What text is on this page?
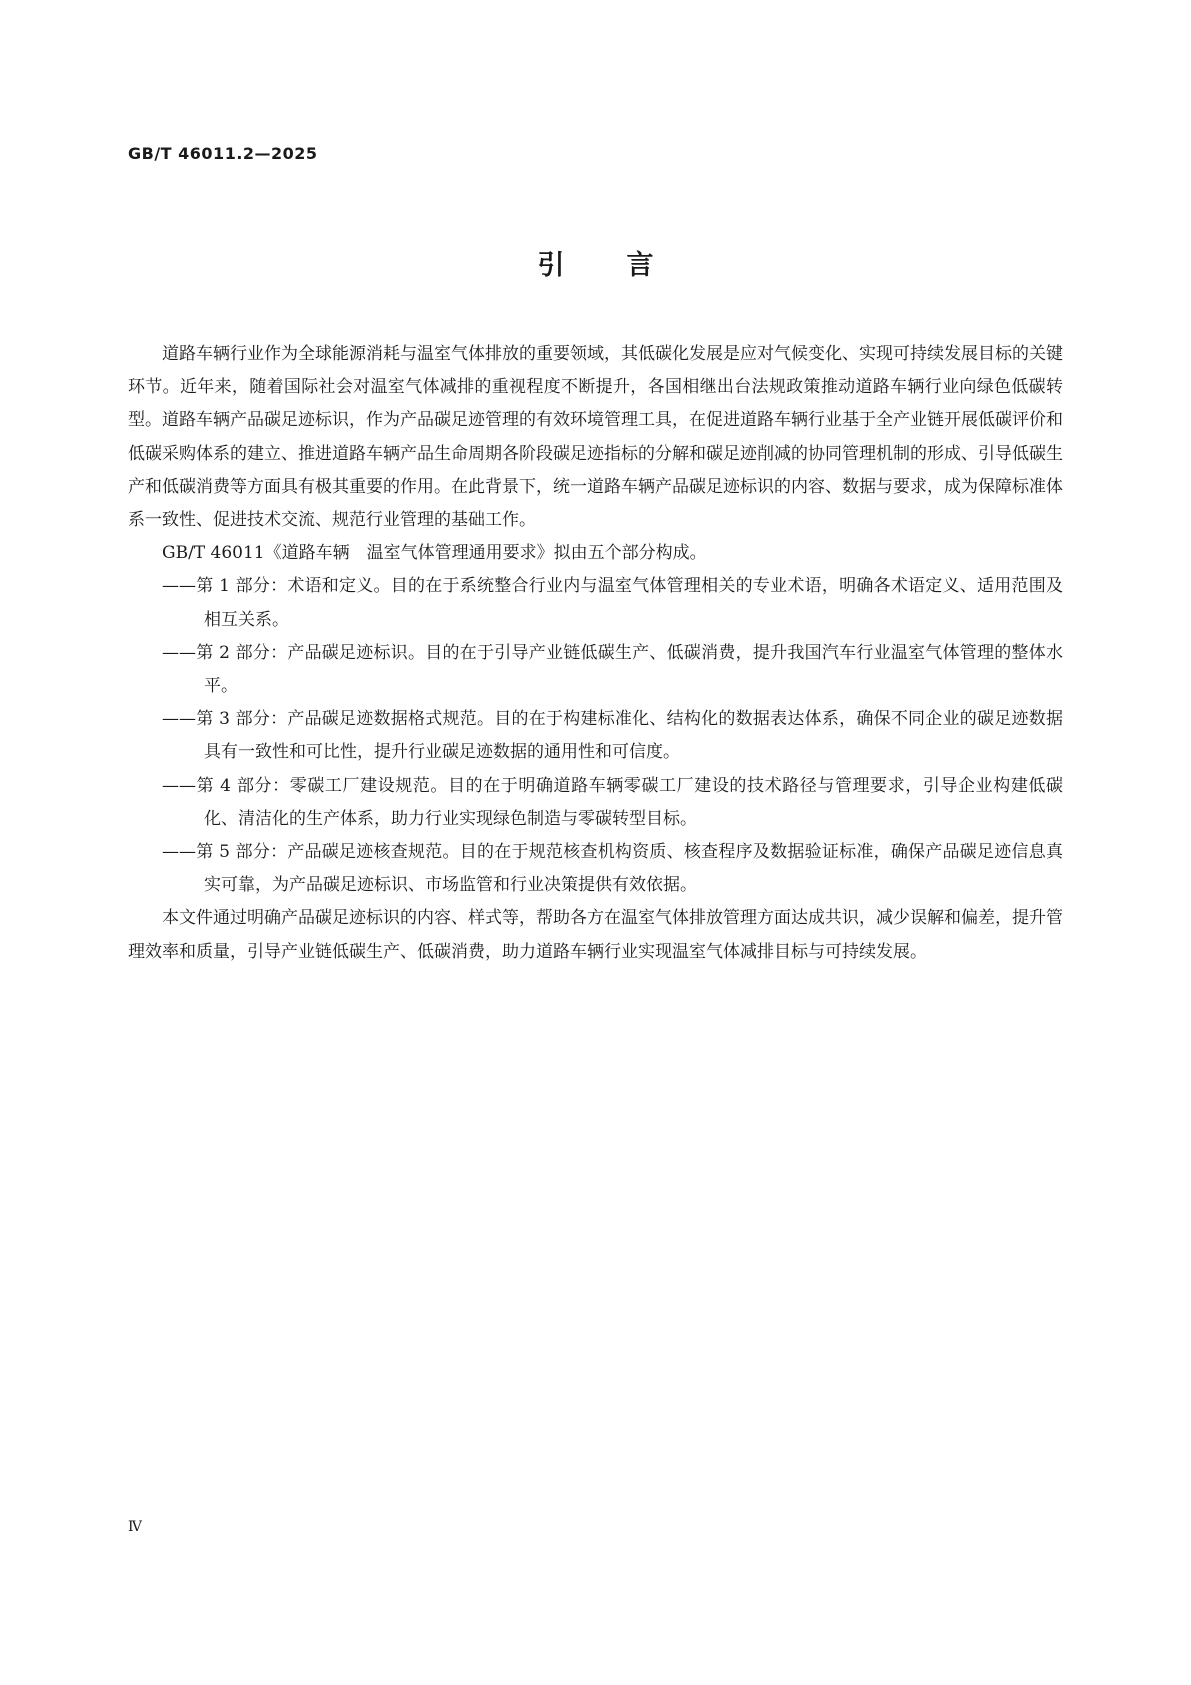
GB/T 46011.2—2025
引言

道路车辆行业作为全球能源消耗与温室气体排放的重要领域，其低碳化发展是应对气候变化、实现可持续发展目标的关键环节。近年来，随着国际社会对温室气体减排的重视程度不断提升，各国相继出台法规政策推动道路车辆行业向绿色低碳转型。道路车辆产品碳足迹标识，作为产品碳足迹管理的有效环境管理工具，在促进道路车辆行业基于全产业链开展低碳评价和低碳采购体系的建立、推进道路车辆产品生命周期各阶段碳足迹指标的分解和碳足迹削减的协同管理机制的形成、引导低碳生产和低碳消费等方面具有极其重要的作用。在此背景下，统一道路车辆产品碳足迹标识的内容、数据与要求，成为保障标准体系一致性、促进技术交流、规范行业管理的基础工作。

GB/T 46011《道路车辆　温室气体管理通用要求》拟由五个部分构成。

——第 1 部分：术语和定义。目的在于系统整合行业内与温室气体管理相关的专业术语，明确各术语定义、适用范围及相互关系。

——第 2 部分：产品碳足迹标识。目的在于引导产业链低碳生产、低碳消费，提升我国汽车行业温室气体管理的整体水平。

——第 3 部分：产品碳足迹数据格式规范。目的在于构建标准化、结构化的数据表达体系，确保不同企业的碳足迹数据具有一致性和可比性，提升行业碳足迹数据的通用性和可信度。

——第 4 部分：零碳工厂建设规范。目的在于明确道路车辆零碳工厂建设的技术路径与管理要求，引导企业构建低碳化、清洁化的生产体系，助力行业实现绿色制造与零碳转型目标。

——第 5 部分：产品碳足迹核查规范。目的在于规范核查机构资质、核查程序及数据验证标准，确保产品碳足迹信息真实可靠，为产品碳足迹标识、市场监管和行业决策提供有效依据。

本文件通过明确产品碳足迹标识的内容、样式等，帮助各方在温室气体排放管理方面达成共识，减少误解和偏差，提升管理效率和质量，引导产业链低碳生产、低碳消费，助力道路车辆行业实现温室气体减排目标与可持续发展。

Ⅳ
